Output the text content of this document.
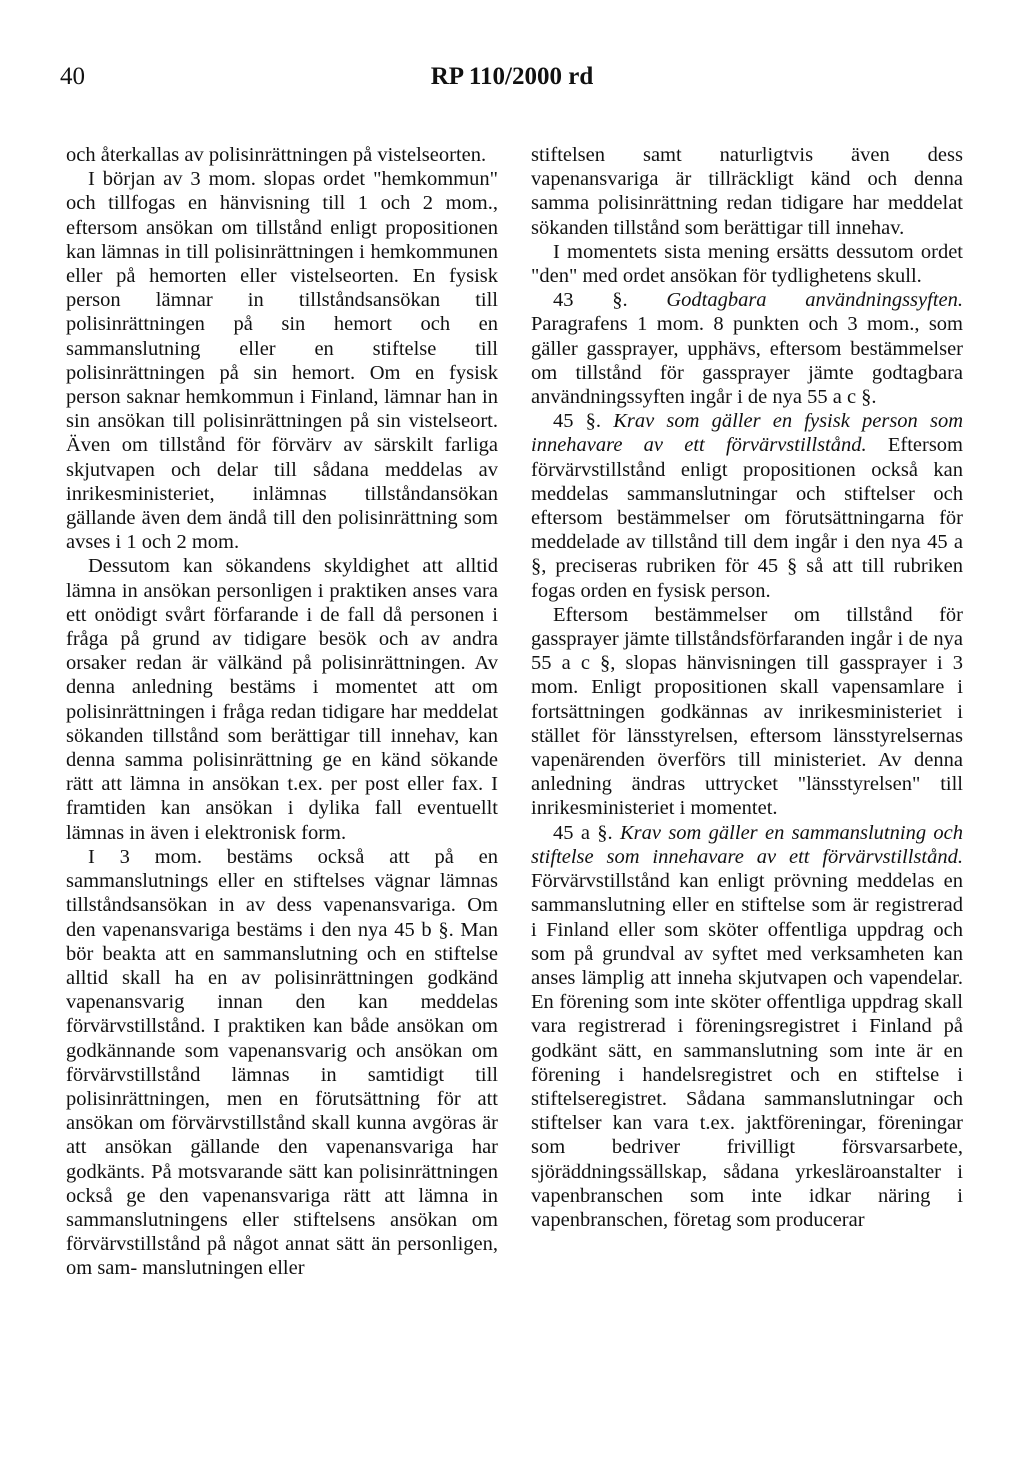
40	RP 110/2000 rd

och återkallas av polisinrättningen på vistelseorten.

I början av 3 mom. slopas ordet "hemkommun" och tillfogas en hänvisning till 1 och 2 mom., eftersom ansökan om tillstånd enligt propositionen kan lämnas in till polisinrättningen i hemkommunen eller på hemorten eller vistelseorten. En fysisk person lämnar in tillståndsansökan till polisinrättningen på sin hemort och en sammanslutning eller en stiftelse till polisinrättningen på sin hemort. Om en fysisk person saknar hemkommun i Finland, lämnar han in sin ansökan till polisinrättningen på sin vistelseort. Även om tillstånd för förvärv av särskilt farliga skjutvapen och delar till sådana meddelas av inrikesministeriet, inlämnas tillståndansökan gällande även dem ändå till den polisinrättning som avses i 1 och 2 mom.

Dessutom kan sökandens skyldighet att alltid lämna in ansökan personligen i praktiken anses vara ett onödigt svårt förfarande i de fall då personen i fråga på grund av tidigare besök och av andra orsaker redan är välkänd på polisinrättningen. Av denna anledning bestäms i momentet att om polisinrättningen i fråga redan tidigare har meddelat sökanden tillstånd som berättigar till innehav, kan denna samma polisinrättning ge en känd sökande rätt att lämna in ansökan t.ex. per post eller fax. I framtiden kan ansökan i dylika fall eventuellt lämnas in även i elektronisk form.

I 3 mom. bestäms också att på en sammanslutnings eller en stiftelses vägnar lämnas tillståndsansökan in av dess vapenansvariga. Om den vapenansvariga bestäms i den nya 45 b §. Man bör beakta att en sammanslutning och en stiftelse alltid skall ha en av polisinrättningen godkänd vapenansvarig innan den kan meddelas förvärvstillstånd. I praktiken kan både ansökan om godkännande som vapenansvarig och ansökan om förvärvstillstånd lämnas in samtidigt till polisinrättningen, men en förutsättning för att ansökan om förvärvstillstånd skall kunna avgöras är att ansökan gällande den vapenansvariga har godkänts. På motsvarande sätt kan polisinrättningen också ge den vapenansvariga rätt att lämna in sammanslutningens eller stiftelsens ansökan om förvärvstillstånd på något annat sätt än personligen, om sam- manslutningen eller

stiftelsen samt naturligtvis även dess vapenansvariga är tillräckligt känd och denna samma polisinrättning redan tidigare har meddelat sökanden tillstånd som berättigar till innehav.

I momentets sista mening ersätts dessutom ordet "den" med ordet ansökan för tydlighetens skull.

43 §. Godtagbara användningssyften. Paragrafens 1 mom. 8 punkten och 3 mom., som gäller gassprayer, upphävs, eftersom bestämmelser om tillstånd för gassprayer jämte godtagbara användningssyften ingår i de nya 55 a c §.

45 §. Krav som gäller en fysisk person som innehavare av ett förvärvstillstånd. Eftersom förvärvstillstånd enligt propositionen också kan meddelas sammanslutningar och stiftelser och eftersom bestämmelser om förutsättningarna för meddelade av tillstånd till dem ingår i den nya 45 a §, preciseras rubriken för 45 § så att till rubriken fogas orden en fysisk person.

Eftersom bestämmelser om tillstånd för gassprayer jämte tillståndsförfaranden ingår i de nya 55 a c §, slopas hänvisningen till gassprayer i 3 mom. Enligt propositionen skall vapensamlare i fortsättningen godkännas av inrikesministeriet i stället för länsstyrelsen, eftersom länsstyrelsernas vapenärenden överförs till ministeriet. Av denna anledning ändras uttrycket "länsstyrelsen" till inrikesministeriet i momentet.

45 a §. Krav som gäller en sammanslutning och stiftelse som innehavare av ett förvärvstillstånd. Förvärvstillstånd kan enligt prövning meddelas en sammanslutning eller en stiftelse som är registrerad i Finland eller som sköter offentliga uppdrag och som på grundval av syftet med verksamheten kan anses lämplig att inneha skjutvapen och vapendelar. En förening som inte sköter offentliga uppdrag skall vara registrerad i föreningsregistret i Finland på godkänt sätt, en sammanslutning som inte är en förening i handelsregistret och en stiftelse i stiftelseregistret. Sådana sammanslutningar och stiftelser kan vara t.ex. jaktföreningar, föreningar som bedriver frivilligt försvarsarbete, sjöräddningssällskap, sådana yrkesläroanstalter i vapenbranschen som inte idkar näring i vapenbranschen, företag som producerar
